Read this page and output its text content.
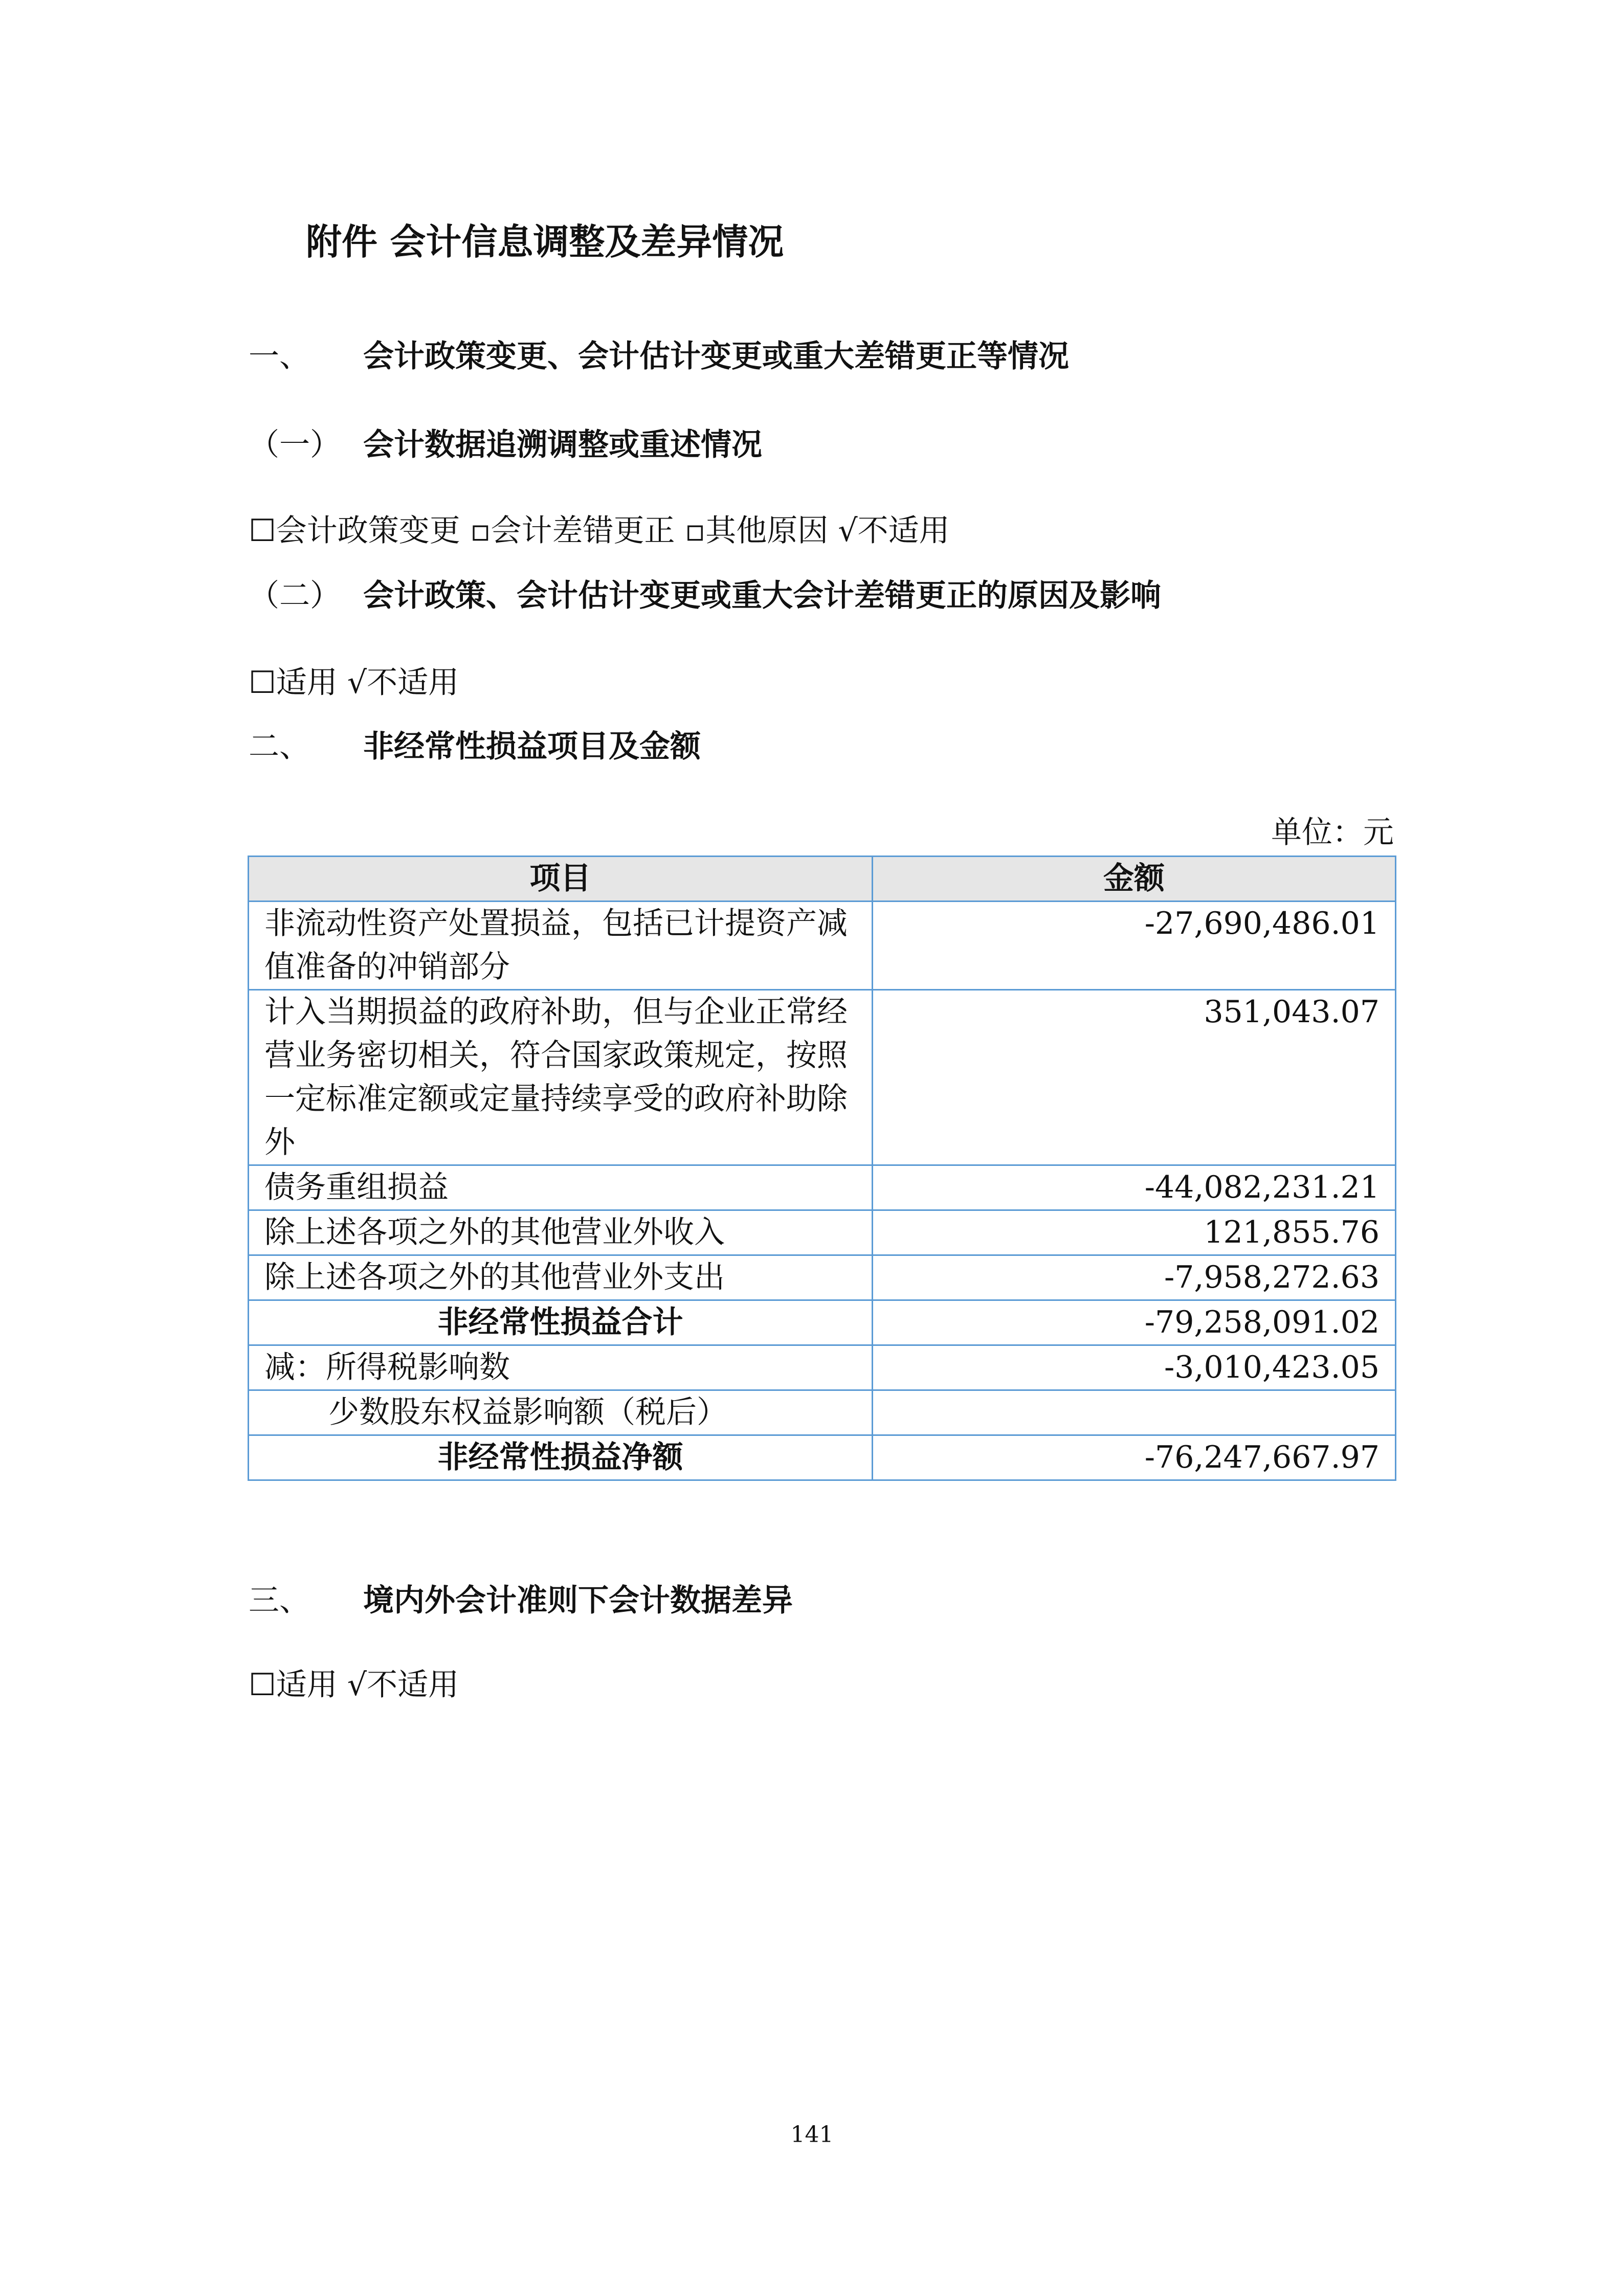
附件 会计信息调整及差异情况
一、 会计政策变更、会计估计变更或重大差错更正等情况
（一） 会计数据追溯调整或重述情况
☐会计政策变更 ▫会计差错更正 ▫其他原因 √不适用
（二） 会计政策、会计估计变更或重大会计差错更正的原因及影响
☐适用 √不适用
二、 非经常性损益项目及金额
单位：元
项目	金额
非流动性资产处置损益，包括已计提资产减值准备的冲销部分	-27,690,486.01
计入当期损益的政府补助，但与企业正常经营业务密切相关，符合国家政策规定，按照一定标准定额或定量持续享受的政府补助除外	351,043.07
债务重组损益	-44,082,231.21
除上述各项之外的其他营业外收入	121,855.76
除上述各项之外的其他营业外支出	-7,958,272.63
非经常性损益合计	-79,258,091.02
减：所得税影响数	-3,010,423.05
少数股东权益影响额（税后）	
非经常性损益净额	-76,247,667.97
三、 境内外会计准则下会计数据差异
☐适用 √不适用
141
